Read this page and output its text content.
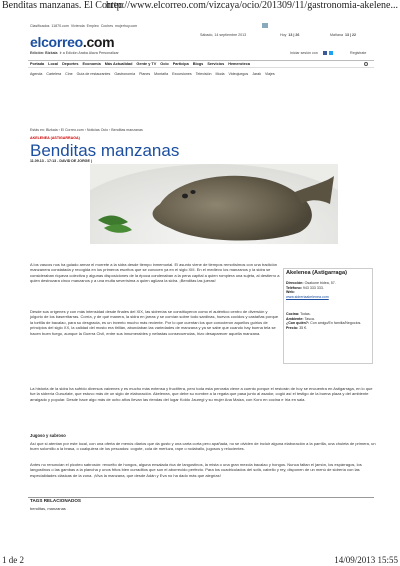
Benditas manzanas. El Correo
http://www.elcorreo.com/vizcaya/ocio/201309/11/gastronomia-akelene...
Clasificados 11870.com Vivienda Empleo Coches mujerhoy.com
elcorreo.com
Edición: Bizkaia Ir a Edición Araba Alava Personalizar
Sábado, 14 septiembre 2013	Hoy 13 | 26	Mañana 13 | 22
Iniciar sesión con	Registrate
Portada Local Deportes Economía Más Actualidad Gente y TV Ocio Participa Blogs Servicios Hemeroteca
Agenda Cartelera Cine Guía de restaurantes Gastronomía Planes Montaña Excursiones Televisión Moda Videojuegos Jarak Viajes
Estás en: Bizkaia › El Correo.com › Noticias Ocio › Benditas manzanas
AKELENEA (ASTIGARRAGA)
Benditas manzanas
11.09.13 - 17:13 - DAVID DE JORGE |
A los vascos nos ha guiado armar el morrete a la sidra desde tiempo inmemorial. El asunto viene de tiempos remotísimos con una tradición manzanera constatada y recogida en los primeros escritos que se conocen ya en el siglo XIII. En el medievo los manzanos y la sidra se consideraban riqueza colectiva y algunas disposiciones de la época condenaban a la pena capital a quien rompiera una sujeta, al destierro a quien destrozara cinco manzanos y a una multa severísima a quien agüara la sidra. ¡Benditas las jueras!
Desde sus orígenes y con más intensidad desde finales del XIX, las sidrerías se constituyeron como el auténtico centro de diversión y jolgorio de los baserritarras. Corría, y de qué manera, la sidra en jarras y se comían sobre todo sardinas, huevos cocidos y castañas porque la tortilla de bacalao, para su desgracia, es un invento mucho más reciente. Por lo que cuentan los que conocieron aquellos guirios de principios del siglo XX, la calidad del mosto era tirillán, abundaban las variedades de manzana y ya se sabe que cuando hay buena tela se hacen buen fuego, aunque la Guerra Civil, entre sus innumerables y nefastas consecuencias, hizo desaparecer aquella manzana.
La historia de la sidra ha sufrido diversos vaivenes y es mucho más extensa y fructífera, pero toda esta perorata viene a cuento porque el restorán de hoy se encuentra en Astigarraga, en lo que fue la sidrería Guruzlate, que estuvo más de un siglo de elaboración. Akelenea, que debe su nombre a la regata que pasa junto al asador, cogió así el testigo de la buena plaza y del ambiente arraigado y popular. Desde hace algo más de ocho años llevan las riendas del lugar Koldo Jauregi y su mujer Ana Maiza, con Koro en cocina e Iría en sala.
Jugoso y sabroso
Así que si atentan por este local, con una oferta de menús diarios que da gusto y una carta corta pero apañada, no se olviden de incluir alguna elaboración a la parrilla, una chuleta de primera, un buen solomillo a la brasa, o cualquiera de los pescados: cogote, cola de merluza, rape o rodaballo, jugosos y relucientes.
Antes no renuncian el picoteo sabrosón: revuelto de hongos, alguna ensalada rica de langostinos, la mista o una gran mezcla bacalao y hongos. Nunca faltan el jamón, los espárragos, los langostinos o las gambas a la plancha y unos fritos bien curraditos que son el aborrecido perfecto. Para los cuadriculados del sofá, cabello y rey, disponen de un menú de sidrería con las especialidades clásicas de la zona. ¡Viva la manzana, que desde Adán y Eva no ha dado más que alegrías!
Akelenea (Astigarraga)
Dirección: Osakune bidea, 57.
Teléfono: 943 333 333.
Web:
www.sidreriaakelenea.com
Cocina: Todas.
Ambiente: Tasca.
¿Con quién?: Con amigo/En familia/Negocios.
Precio: 35 €.
TAGS RELACIONADOS
benditas, manzanas
1 de 2	14/09/2013 15:55
